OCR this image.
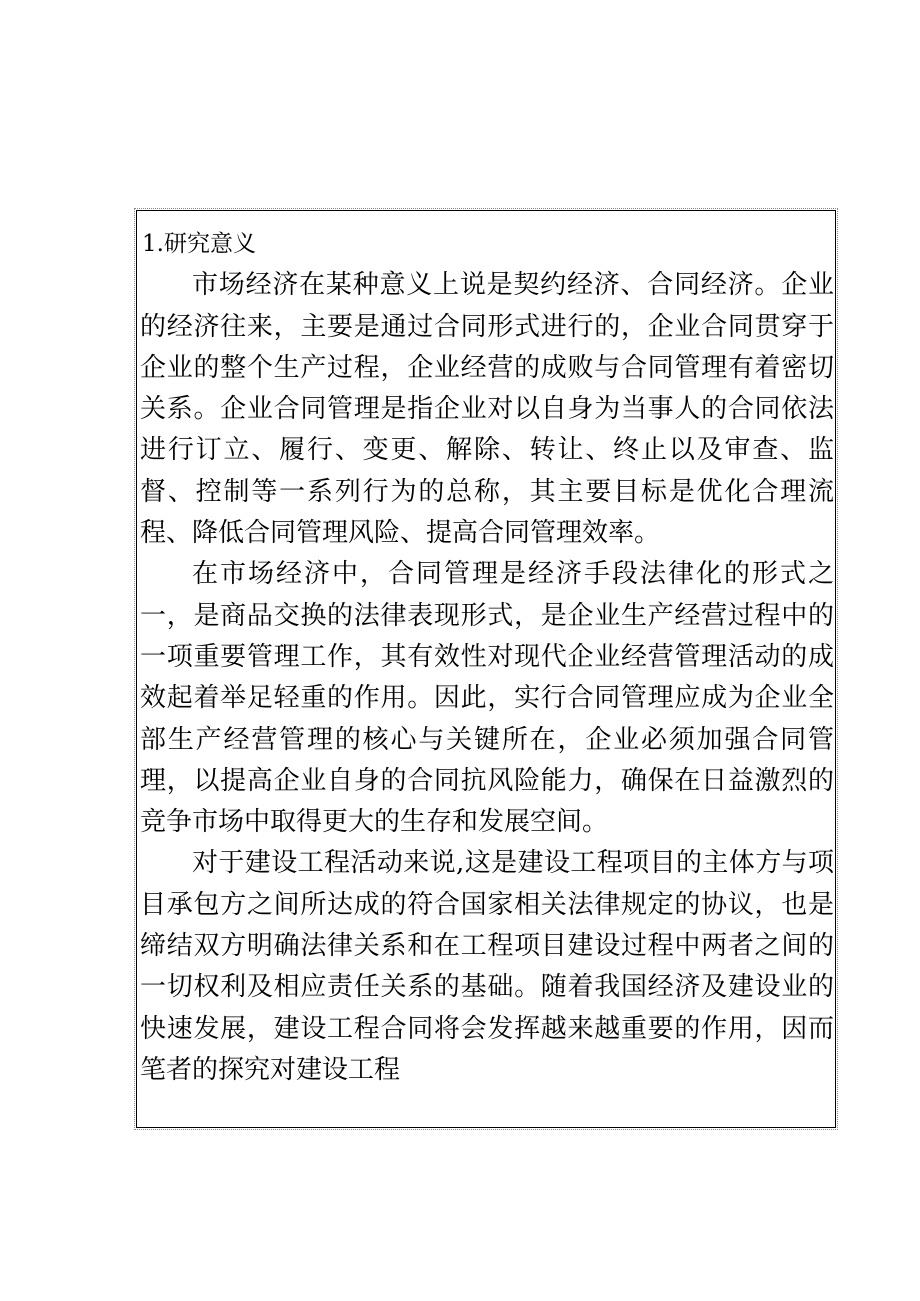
1.研究意义

市场经济在某种意义上说是契约经济、合同经济。企业的经济往来，主要是通过合同形式进行的，企业合同贯穿于企业的整个生产过程，企业经营的成败与合同管理有着密切关系。企业合同管理是指企业对以自身为当事人的合同依法进行订立、履行、变更、解除、转让、终止以及审查、监督、控制等一系列行为的总称，其主要目标是优化合理流程、降低合同管理风险、提高合同管理效率。

在市场经济中，合同管理是经济手段法律化的形式之一，是商品交换的法律表现形式，是企业生产经营过程中的一项重要管理工作，其有效性对现代企业经营管理活动的成效起着举足轻重的作用。因此，实行合同管理应成为企业全部生产经营管理的核心与关键所在，企业必须加强合同管理，以提高企业自身的合同抗风险能力，确保在日益激烈的竞争市场中取得更大的生存和发展空间。

对于建设工程活动来说,这是建设工程项目的主体方与项目承包方之间所达成的符合国家相关法律规定的协议，也是缔结双方明确法律关系和在工程项目建设过程中两者之间的一切权利及相应责任关系的基础。随着我国经济及建设业的快速发展，建设工程合同将会发挥越来越重要的作用，因而笔者的探究对建设工程
